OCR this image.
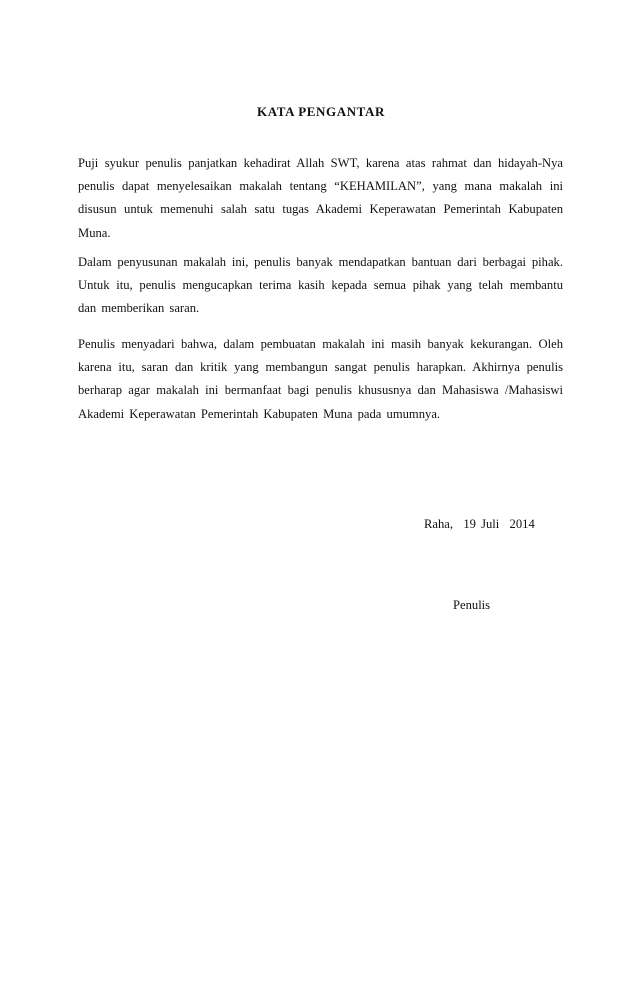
KATA PENGANTAR

Puji syukur penulis panjatkan kehadirat Allah SWT, karena atas rahmat dan hidayah-Nya penulis dapat menyelesaikan makalah tentang “KEHAMILAN”, yang mana makalah ini disusun untuk memenuhi salah satu tugas Akademi Keperawatan Pemerintah Kabupaten Muna.

Dalam penyusunan makalah ini, penulis banyak mendapatkan bantuan dari berbagai pihak. Untuk itu, penulis mengucapkan terima kasih kepada semua pihak yang telah membantu dan memberikan saran.

Penulis menyadari bahwa, dalam pembuatan makalah ini masih banyak kekurangan. Oleh karena itu, saran dan kritik yang membangun sangat penulis harapkan. Akhirnya penulis berharap agar makalah ini bermanfaat bagi penulis khususnya dan Mahasiswa /Mahasiswi Akademi Keperawatan Pemerintah Kabupaten Muna pada umumnya.

Raha,  19 Juli  2014

Penulis
